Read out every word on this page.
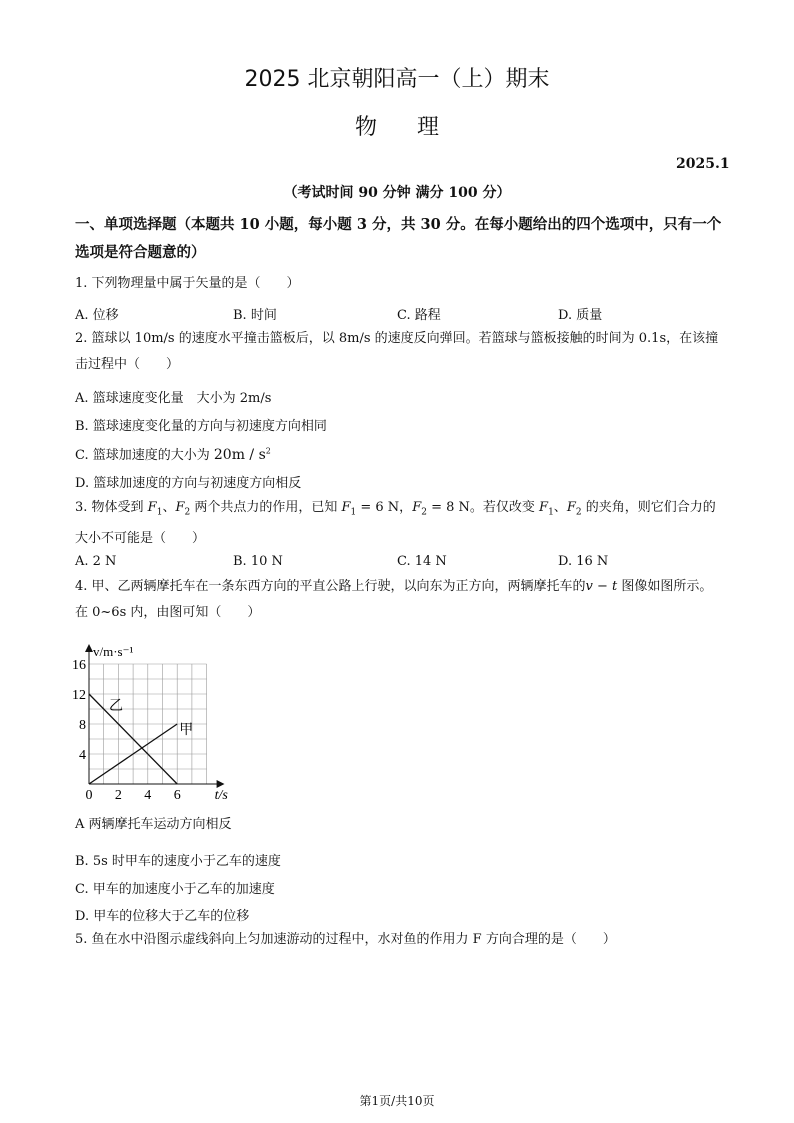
2025 北京朝阳高一（上）期末
物理
2025.1
（考试时间 90 分钟 满分 100 分）
一、单项选择题（本题共 10 小题，每小题 3 分，共 30 分。在每小题给出的四个选项中，只有一个选项是符合题意的）
1. 下列物理量中属于矢量的是（　　）
A. 位移	B. 时间	C. 路程	D. 质量
2. 篮球以 10m/s 的速度水平撞击篮板后，以 8m/s 的速度反向弹回。若篮球与篮板接触的时间为 0.1s，在该撞击过程中（　　）
A. 篮球速度变化量　大小为 2m/s
B. 篮球速度变化量的方向与初速度方向相同
C. 篮球加速度的大小为 $20m / s^2$
D. 篮球加速度的方向与初速度方向相反
3. 物体受到 $F_1$、$F_2$ 两个共点力的作用，已知 $F_1 = 6$ N，$F_2 = 8$ N。若仅改变 $F_1$、$F_2$ 的夹角，则它们合力的大小不可能是（　　）
A. 2 N	B. 10 N	C. 14 N	D. 16 N
4. 甲、乙两辆摩托车在一条东西方向的平直公路上行驶，以向东为正方向，两辆摩托车的v − t 图像如图所示。在 0~6s 内，由图可知（　　）
0 2 4 6
4
8
12
16
t/s
v/m·s⁻¹
甲
乙
A 两辆摩托车运动方向相反
B. 5s 时甲车的速度小于乙车的速度
C. 甲车的加速度小于乙车的加速度
D. 甲车的位移大于乙车的位移
5. 鱼在水中沿图示虚线斜向上匀加速游动的过程中，水对鱼的作用力 F 方向合理的是（　　）
第1页/共10页
